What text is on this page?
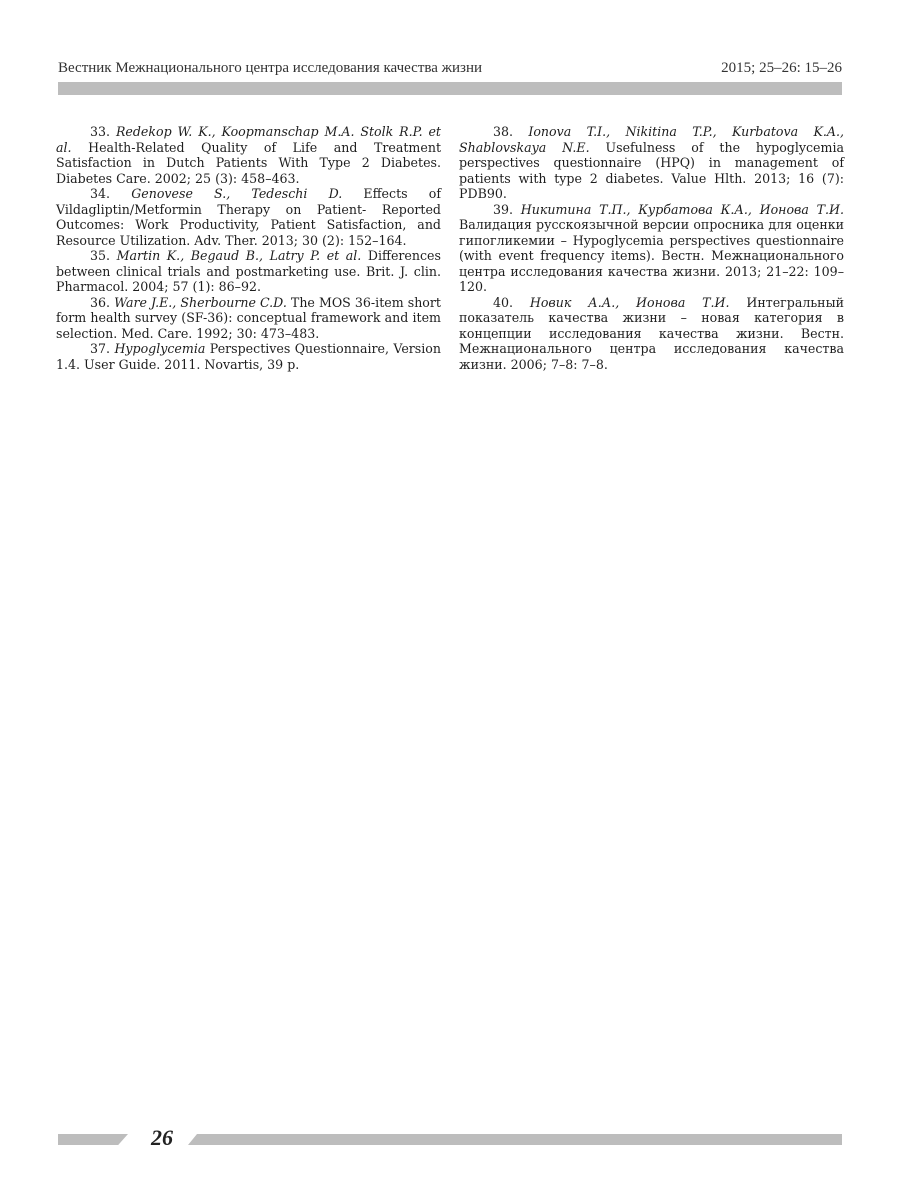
Вестник Межнационального центра исследования качества жизни	2015; 25–26: 15–26

33. Redekop W. K., Koopmanschap M.A. Stolk R.P. et al. Health-Related Quality of Life and Treatment Satisfaction in Dutch Patients With Type 2 Diabetes. Diabetes Care. 2002; 25 (3): 458–463.

34. Genovese S., Tedeschi D. Effects of Vildagliptin/Metformin Therapy on Patient- Reported Outcomes: Work Productivity, Patient Satisfaction, and Resource Utilization. Adv. Ther. 2013; 30 (2): 152–164.

35. Martin K., Begaud B., Latry P. et al. Differences between clinical trials and postmarketing use. Brit. J. clin. Pharmacol. 2004; 57 (1): 86–92.

36. Ware J.E., Sherbourne C.D. The MOS 36-item short form health survey (SF-36): conceptual framework and item selection. Med. Care. 1992; 30: 473–483.

37. Hypoglycemia Perspectives Questionnaire, Version 1.4. User Guide. 2011. Novartis, 39 p.

38. Ionova T.I., Nikitina T.P., Kurbatova K.A., Shablovskaya N.E. Usefulness of the hypoglycemia perspectives questionnaire (HPQ) in management of patients with type 2 diabetes. Value Hlth. 2013; 16 (7): PDB90.

39. Никитина Т.П., Курбатова К.А., Ионова Т.И. Валидация русскоязычной версии опросника для оценки гипогликемии – Hypoglycemia perspectives questionnaire (with event frequency items). Вестн. Межнационального центра исследования качества жизни. 2013; 21–22: 109–120.

40. Новик А.А., Ионова Т.И. Интегральный показатель качества жизни – новая категория в концепции исследования качества жизни. Вестн. Межнационального центра исследования качества жизни. 2006; 7–8: 7–8.

26
